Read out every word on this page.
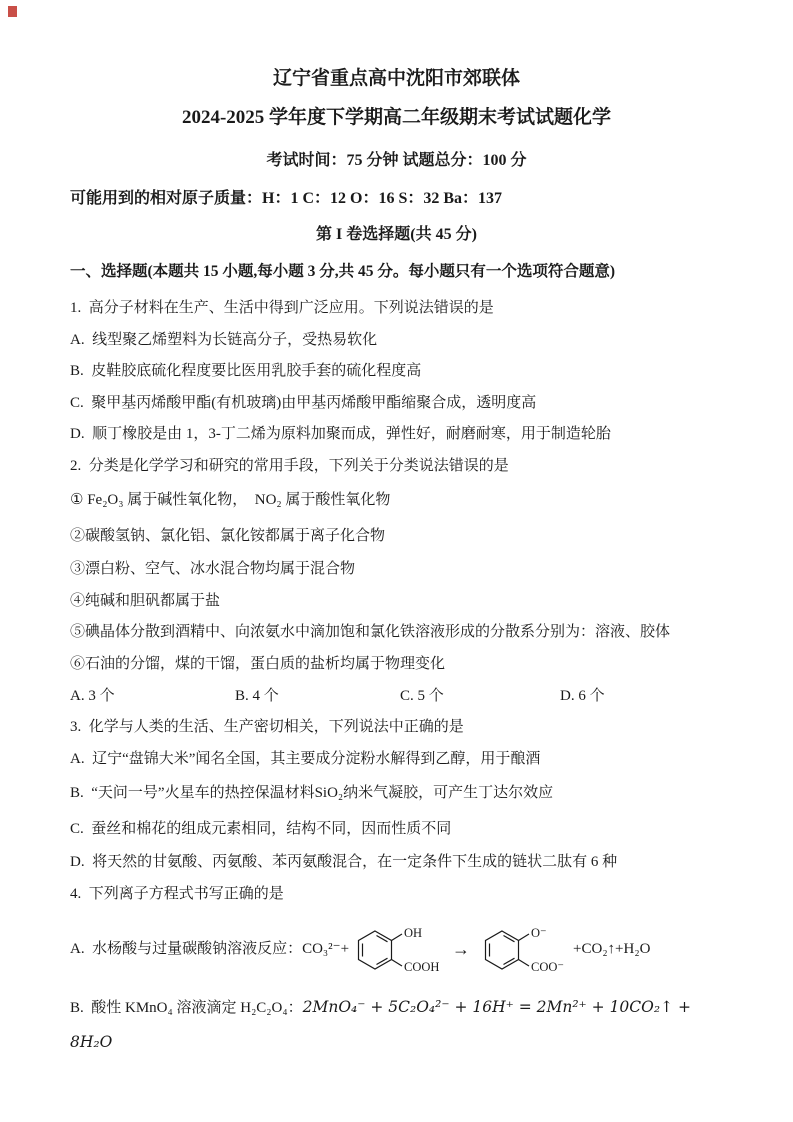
辽宁省重点高中沈阳市郊联体
2024-2025 学年度下学期高二年级期末考试试题化学
考试时间：75 分钟 试题总分：100 分
可能用到的相对原子质量：H：1 C：12 O：16 S：32 Ba：137
第 I 卷选择题(共 45 分)
一、选择题(本题共 15 小题,每小题 3 分,共 45 分。每小题只有一个选项符合题意)

1.  高分子材料在生产、生活中得到广泛应用。下列说法错误的是

A.  线型聚乙烯塑料为长链高分子，受热易软化

B.  皮鞋胶底硫化程度要比医用乳胶手套的硫化程度高

C.  聚甲基丙烯酸甲酯(有机玻璃)由甲基丙烯酸甲酯缩聚合成，透明度高

D.  顺丁橡胶是由 1，3-丁二烯为原料加聚而成，弹性好，耐磨耐寒，用于制造轮胎

2.  分类是化学学习和研究的常用手段，下列关于分类说法错误的是

① Fe₂O₃ 属于碱性氧化物，  NO₂ 属于酸性氧化物

②碳酸氢钠、氯化铝、氯化铵都属于离子化合物

③漂白粉、空气、冰水混合物均属于混合物

④纯碱和胆矾都属于盐

⑤碘晶体分散到酒精中、向浓氨水中滴加饱和氯化铁溶液形成的分散系分别为：溶液、胶体

⑥石油的分馏，煤的干馏，蛋白质的盐析均属于物理变化

A. 3 个	B. 4 个	C. 5 个	D. 6 个

3.  化学与人类的生活、生产密切相关，下列说法中正确的是

A.  辽宁“盘锦大米”闻名全国，其主要成分淀粉水解得到乙醇，用于酿酒

B.  “天问一号”火星车的热控保温材料SiO₂纳米气凝胶，可产生丁达尔效应

C.  蚕丝和棉花的组成元素相同，结构不同，因而性质不同

D.  将天然的甘氨酸、丙氨酸、苯丙氨酸混合，在一定条件下生成的链状二肽有 6 种

4.  下列离子方程式书写正确的是

A.  水杨酸与过量碳酸钠溶液反应：CO₃²⁻+
OH
COOH
→
O⁻
COO⁻
+CO₂↑+H₂O

B.  酸性 KMnO₄ 溶液滴定 H₂C₂O₄：2MnO₄⁻ + 5C₂O₄²⁻ + 16H⁺ = 2Mn²⁺ + 10CO₂↑ + 8H₂O
